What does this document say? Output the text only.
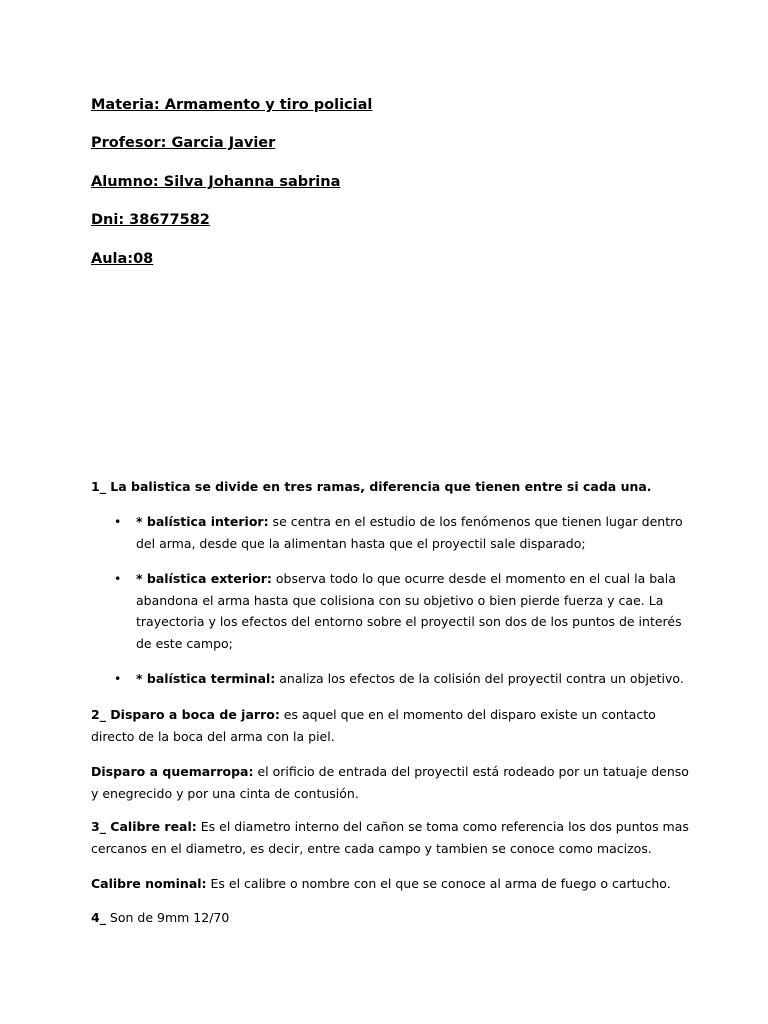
Materia: Armamento y tiro policial
Profesor: Garcia Javier
Alumno: Silva Johanna sabrina
Dni: 38677582
Aula:08
1_ La balistica se divide en tres ramas, diferencia que tienen entre si cada una.
• * balística interior: se centra en el estudio de los fenómenos que tienen lugar dentro del arma, desde que la alimentan hasta que el proyectil sale disparado;
• * balística exterior: observa todo lo que ocurre desde el momento en el cual la bala abandona el arma hasta que colisiona con su objetivo o bien pierde fuerza y cae. La trayectoria y los efectos del entorno sobre el proyectil son dos de los puntos de interés de este campo;
• * balística terminal: analiza los efectos de la colisión del proyectil contra un objetivo.
2_ Disparo a boca de jarro: es aquel que en el momento del disparo existe un contacto directo de la boca del arma con la piel.
Disparo a quemarropa: el orificio de entrada del proyectil está rodeado por un tatuaje denso y enegrecido y por una cinta de contusión.
3_ Calibre real: Es el diametro interno del cañon se toma como referencia los dos puntos mas cercanos en el diametro, es decir, entre cada campo y tambien se conoce como macizos.
Calibre nominal: Es el calibre o nombre con el que se conoce al arma de fuego o cartucho.
4_ Son de 9mm 12/70
